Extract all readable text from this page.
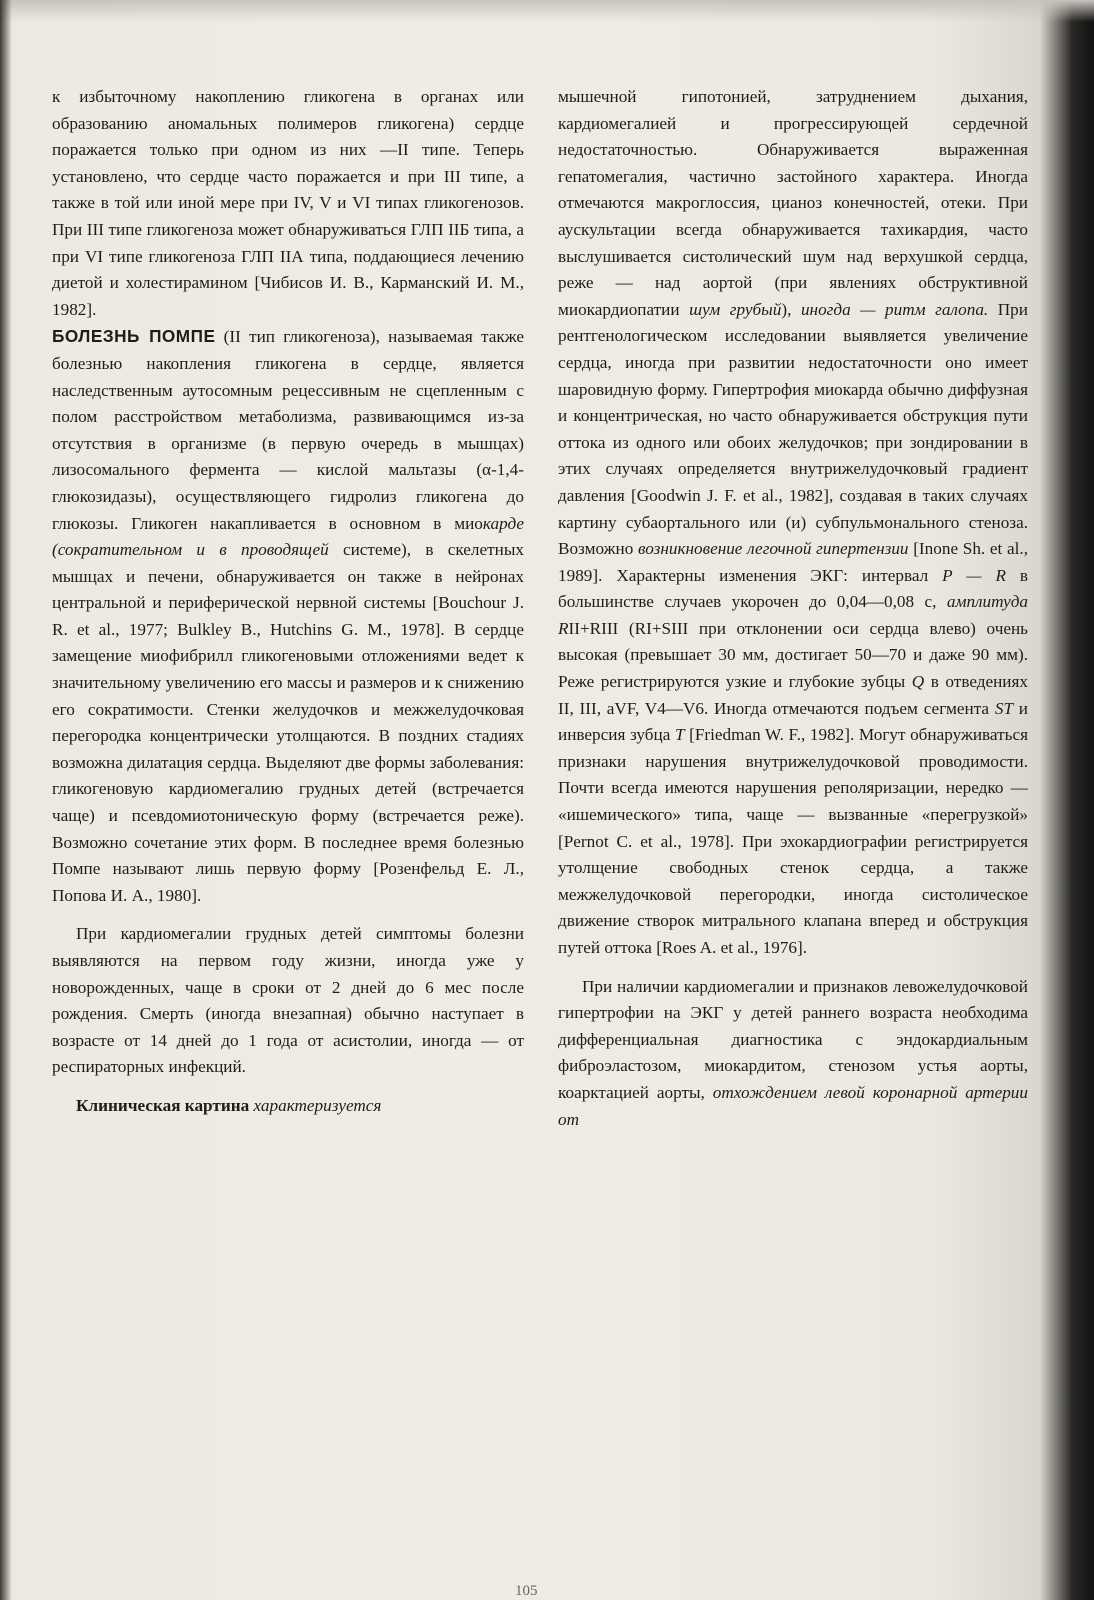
к избыточному накоплению гликогена в органах или образованию аномальных полимеров гликогена) сердце поражается только при одном из них —II типе. Теперь установлено, что сердце часто поражается и при III типе, а также в той или иной мере при IV, V и VI типах гликогенозов. При III типе гликогеноза может обнаруживаться ГЛП IIБ типа, а при VI типе гликогеноза ГЛП IIА типа, поддающиеся лечению диетой и холестирамином [Чибисов И. В., Карманский И. М., 1982].

БОЛЕЗНЬ ПОМПЕ (II тип гликогеноза), называемая также болезнью накопления гликогена в сердце, является наследственным аутосомным рецессивным не сцепленным с полом расстройством метаболизма, развивающимся из-за отсутствия в организме (в первую очередь в мышцах) лизосомального фермента — кислой мальтазы (α-1,4-глюкозидазы), осуществляющего гидролиз гликогена до глюкозы. Гликоген накапливается в основном в миокарде (сократительном и в проводящей системе), в скелетных мышцах и печени, обнаруживается он также в нейронах центральной и периферической нервной системы [Bouchour J. R. et al., 1977; Bulkley B., Hutchins G. M., 1978]. В сердце замещение миофибрилл гликогеновыми отложениями ведет к значительному увеличению его массы и размеров и к снижению его сократимости. Стенки желудочков и межжелудочковая перегородка концентрически утолщаются. В поздних стадиях возможна дилатация сердца. Выделяют две формы заболевания: гликогеновую кардиомегалию грудных детей (встречается чаще) и псевдомиотоническую форму (встречается реже). Возможно сочетание этих форм. В последнее время болезнью Помпе называют лишь первую форму [Розенфельд Е. Л., Попова И. А., 1980].

При кардиомегалии грудных детей симптомы болезни выявляются на первом году жизни, иногда уже у новорожденных, чаще в сроки от 2 дней до 6 мес после рождения. Смерть (иногда внезапная) обычно наступает в возрасте от 14 дней до 1 года от асистолии, иногда — от респираторных инфекций.

Клиническая картина характеризуется

мышечной гипотонией, затруднением дыхания, кардиомегалией и прогрессирующей сердечной недостаточностью. Обнаруживается выраженная гепатомегалия, частично застойного характера. Иногда отмечаются макроглоссия, цианоз конечностей, отеки. При аускультации всегда обнаруживается тахикардия, часто выслушивается систолический шум над верхушкой сердца, реже — над аортой (при явлениях обструктивной миокардиопатии шум грубый), иногда — ритм галопа. При рентгенологическом исследовании выявляется увеличение сердца, иногда при развитии недостаточности оно имеет шаровидную форму. Гипертрофия миокарда обычно диффузная и концентрическая, но часто обнаруживается обструкция пути оттока из одного или обоих желудочков; при зондировании в этих случаях определяется внутрижелудочковый градиент давления [Goodwin J. F. et al., 1982], создавая в таких случаях картину субаортального или (и) субпульмонального стеноза. Возможно возникновение легочной гипертензии [Inone Sh. et al., 1989]. Характерны изменения ЭКГ: интервал P — R в большинстве случаев укорочен до 0,04—0,08 с, амплитуда RII+RIII (RI+SIII при отклонении оси сердца влево) очень высокая (превышает 30 мм, достигает 50—70 и даже 90 мм). Реже регистрируются узкие и глубокие зубцы Q в отведениях II, III, aVF, V4—V6. Иногда отмечаются подъем сегмента ST и инверсия зубца T [Friedman W. F., 1982]. Могут обнаруживаться признаки нарушения внутрижелудочковой проводимости. Почти всегда имеются нарушения реполяризации, нередко — «ишемического» типа, чаще — вызванные «перегрузкой» [Pernot C. et al., 1978]. При эхокардиографии регистрируется утолщение свободных стенок сердца, а также межжелудочковой перегородки, иногда систолическое движение створок митрального клапана вперед и обструкция путей оттока [Roes A. et al., 1976].

При наличии кардиомегалии и признаков левожелудочковой гипертрофии на ЭКГ у детей раннего возраста необходима дифференциальная диагностика с эндокардиальным фиброэластозом, миокардитом, стенозом устья аорты, коарктацией аорты, отхождением левой коронарной артерии от

105
